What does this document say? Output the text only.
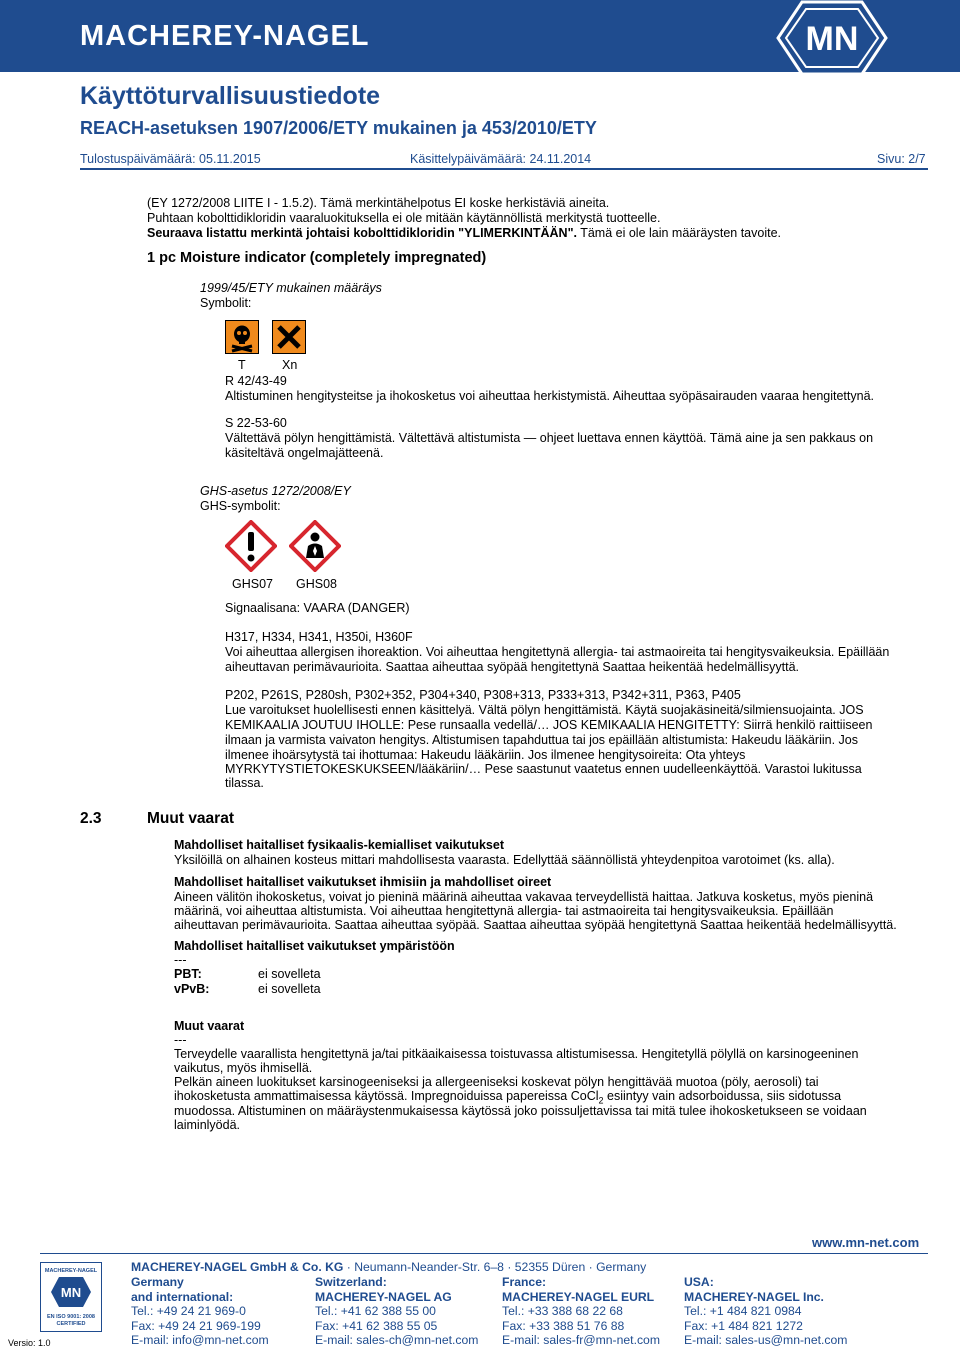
MACHEREY-NAGEL	MN
Käyttöturvallisuustiedote
REACH-asetuksen 1907/2006/ETY mukainen ja 453/2010/ETY
Tulostuspäivämäärä: 05.11.2015	Käsittelypäivämäärä: 24.11.2014	Sivu: 2/7
(EY 1272/2008 LIITE I - 1.5.2). Tämä merkintähelpotus EI koske herkistäviä aineita.
Puhtaan kobolttidikloridin vaaraluokituksella ei ole mitään käytännöllistä merkitystä tuotteelle.
Seuraava listattu merkintä johtaisi kobolttidikloridin "YLIMERKINTÄÄN". Tämä ei ole lain määräysten tavoite.
1 pc Moisture indicator (completely impregnated)
1999/45/ETY mukainen määräys
Symbolit:
T	Xn
R 42/43-49
Altistuminen hengitysteitse ja ihokosketus voi aiheuttaa herkistymistä. Aiheuttaa syöpäsairauden vaaraa hengitettynä.
S 22-53-60
Vältettävä pölyn hengittämistä. Vältettävä altistumista — ohjeet luettava ennen käyttöä. Tämä aine ja sen pakkaus on
käsiteltävä ongelmajätteenä.
GHS-asetus 1272/2008/EY
GHS-symbolit:
GHS07 GHS08
Signaalisana: VAARA (DANGER)
H317, H334, H341, H350i, H360F
Voi aiheuttaa allergisen ihoreaktion. Voi aiheuttaa hengitettynä allergia- tai astmaoireita tai hengitysvaikeuksia. Epäillään
aiheuttavan perimävaurioita. Saattaa aiheuttaa syöpää hengitettynä Saattaa heikentää hedelmällisyyttä.
P202, P261S, P280sh, P302+352, P304+340, P308+313, P333+313, P342+311, P363, P405
Lue varoitukset huolellisesti ennen käsittelyä. Vältä pölyn hengittämistä. Käytä suojakäsineitä/silmiensuojainta. JOS
KEMIKAALIA JOUTUU IHOLLE: Pese runsaalla vedellä/… JOS KEMIKAALIA HENGITETTY: Siirrä henkilö raittiiseen
ilmaan ja varmista vaivaton hengitys. Altistumisen tapahduttua tai jos epäillään altistumista: Hakeudu lääkäriin. Jos
ilmenee ihoärsytystä tai ihottumaa: Hakeudu lääkäriin. Jos ilmenee hengitysoireita: Ota yhteys
MYRKYTYSTIETOKESKUKSEEN/lääkäriin/… Pese saastunut vaatetus ennen uudelleenkäyttöä. Varastoi lukitussa
tilassa.
2.3	Muut vaarat
Mahdolliset haitalliset fysikaalis-kemialliset vaikutukset
Yksilöillä on alhainen kosteus mittari mahdollisesta vaarasta. Edellyttää säännöllistä yhteydenpitoa varotoimet (ks. alla).
Mahdolliset haitalliset vaikutukset ihmisiin ja mahdolliset oireet
Aineen välitön ihokosketus, voivat jo pieninä määrinä aiheuttaa vakavaa terveydellistä haittaa. Jatkuva kosketus, myös pieninä
määrinä, voi aiheuttaa altistumista. Voi aiheuttaa hengitettynä allergia- tai astmaoireita tai hengitysvaikeuksia. Epäillään
aiheuttavan perimävaurioita. Saattaa aiheuttaa syöpää. Saattaa aiheuttaa syöpää hengitettynä Saattaa heikentää hedelmällisyyttä.
Mahdolliset haitalliset vaikutukset ympäristöön
---
PBT:	ei sovelleta
vPvB:	ei sovelleta
Muut vaarat
---
Terveydelle vaarallista hengitettynä ja/tai pitkäaikaisessa toistuvassa altistumisessa. Hengitetyllä pölyllä on karsinogeeninen
vaikutus, myös ihmisellä.
Pelkän aineen luokitukset karsinogeeniseksi ja allergeeniseksi koskevat pölyn hengittävää muotoa (pöly, aerosoli) tai
ihokosketusta ammattimaisessa käytössä. Impregnoiduissa papereissa CoCl$_2$ esiintyy vain adsorboidussa, siis sidotussa
muodossa. Altistuminen on määräystenmukaisessa käytössä joko poissuljettavissa tai mitä tulee ihokosketukseen se voidaan
laiminlyödä.
www.mn-net.com
MACHEREY-NAGEL
MN
EN ISO 9001: 2008
CERTIFIED
Versio: 1.0
MACHEREY-NAGEL GmbH & Co. KG · Neumann-Neander-Str. 6–8 · 52355 Düren · Germany
Germany
and international:
Tel.: +49 24 21 969-0
Fax: +49 24 21 969-199
E-mail: info@mn-net.com
Switzerland:
MACHEREY-NAGEL AG
Tel.: +41 62 388 55 00
Fax: +41 62 388 55 05
E-mail: sales-ch@mn-net.com
France:
MACHEREY-NAGEL EURL
Tel.: +33 388 68 22 68
Fax: +33 388 51 76 88
E-mail: sales-fr@mn-net.com
USA:
MACHEREY-NAGEL Inc.
Tel.: +1 484 821 0984
Fax: +1 484 821 1272
E-mail: sales-us@mn-net.com
